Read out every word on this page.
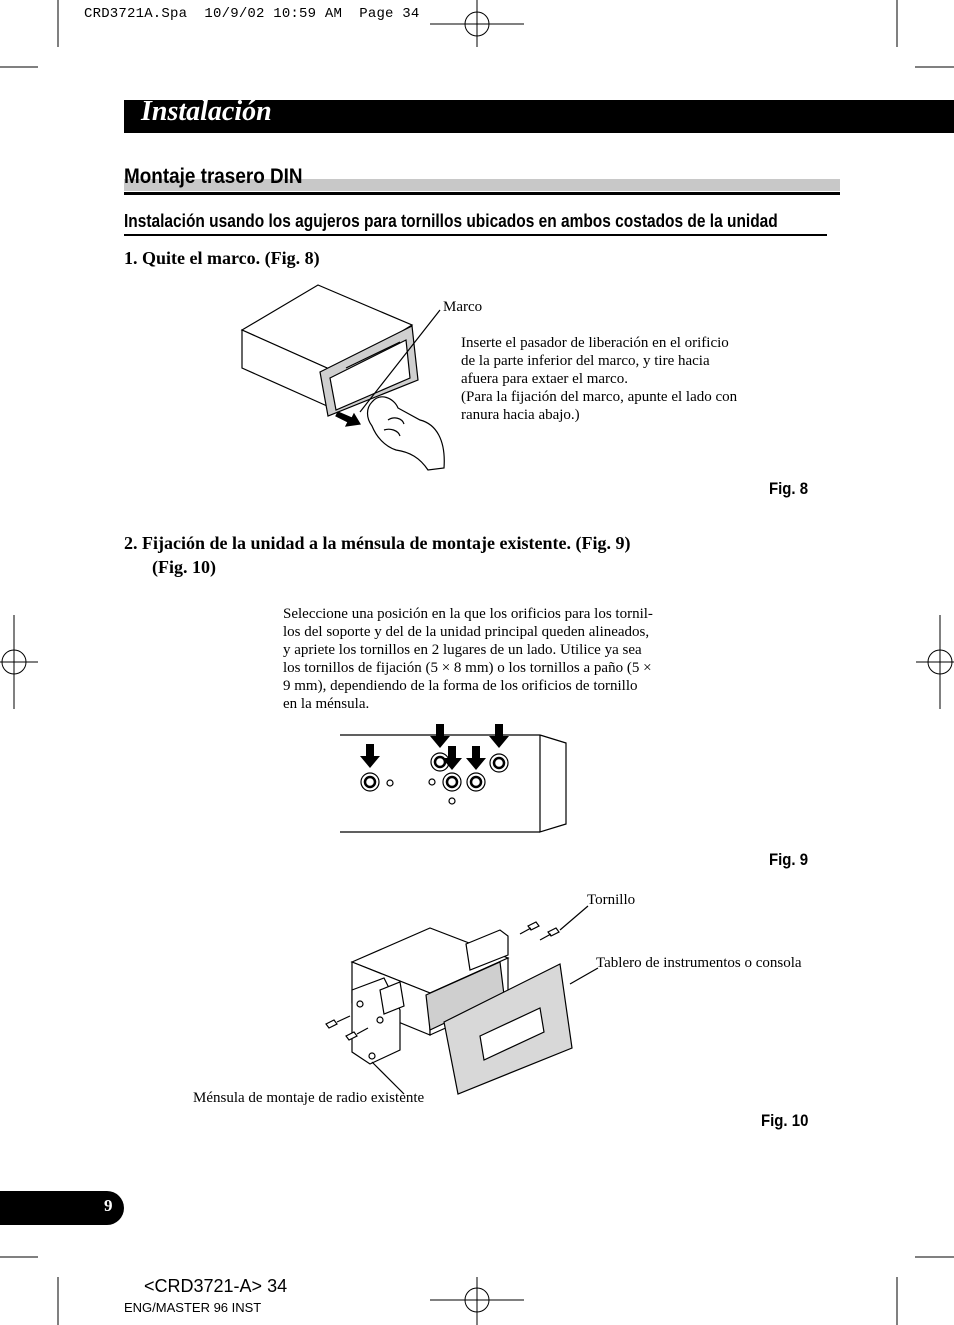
CRD3721A.Spa  10/9/02 10:59 AM  Page 34
Instalación
Montaje trasero DIN
Instalación usando los agujeros para tornillos ubicados en ambos costados de la unidad
1. Quite el marco. (Fig. 8)
Marco
Inserte el pasador de liberación en el orificio
de la parte inferior del marco, y tire hacia
afuera para extaer el marco.
(Para la fijación del marco, apunte el lado con
ranura hacia abajo.)
Fig. 8
2. Fijación de la unidad a la ménsula de montaje existente. (Fig. 9)
(Fig. 10)
Seleccione una posición en la que los orificios para los tornil-
los del soporte y del de la unidad principal queden alineados,
y apriete los tornillos en 2 lugares de un lado. Utilice ya sea
los tornillos de fijación (5 × 8 mm) o los tornillos a paño (5 ×
9 mm), dependiendo de la forma de los orificios de tornillo
en la ménsula.
Fig. 9
Tornillo
Tablero de instrumentos o consola
Ménsula de montaje de radio existente
Fig. 10
9
<CRD3721-A> 34
ENG/MASTER 96 INST
